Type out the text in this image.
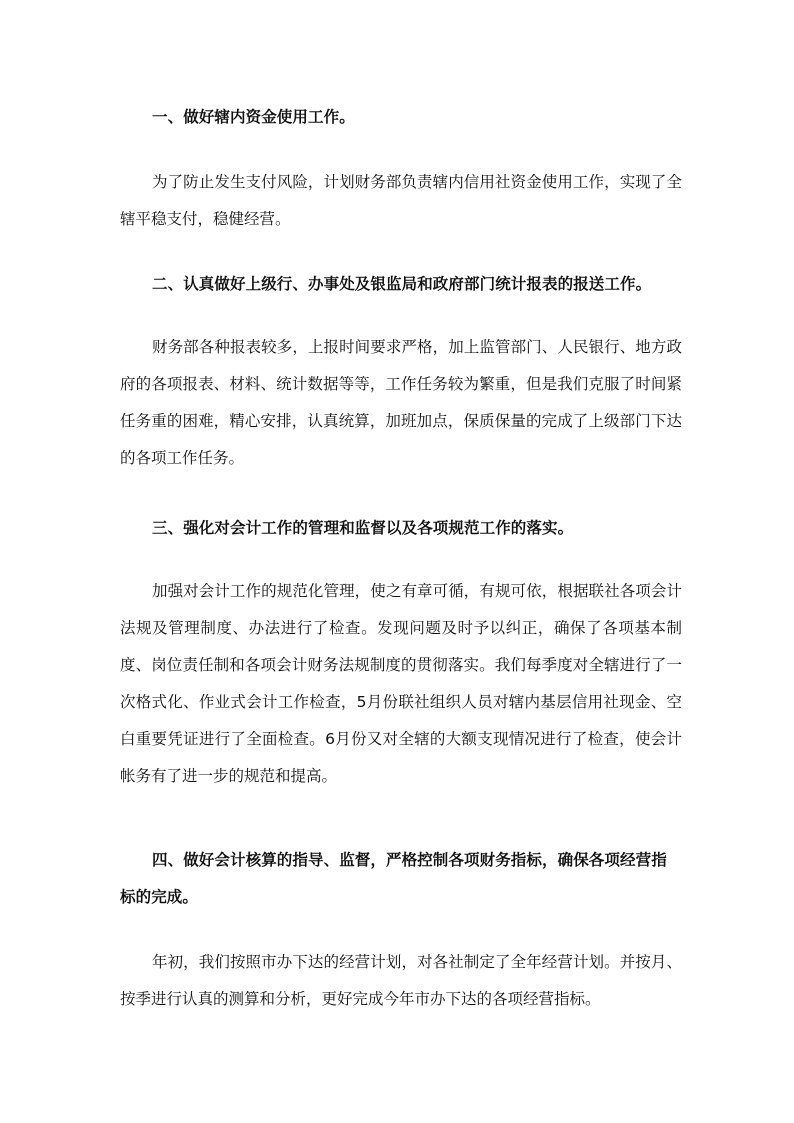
一、做好辖内资金使用工作。

为了防止发生支付风险，计划财务部负责辖内信用社资金使用工作，实现了全辖平稳支付，稳健经营。

二、认真做好上级行、办事处及银监局和政府部门统计报表的报送工作。

财务部各种报表较多，上报时间要求严格，加上监管部门、人民银行、地方政府的各项报表、材料、统计数据等等，工作任务较为繁重，但是我们克服了时间紧任务重的困难，精心安排，认真统算，加班加点，保质保量的完成了上级部门下达的各项工作任务。

三、强化对会计工作的管理和监督以及各项规范工作的落实。

加强对会计工作的规范化管理，使之有章可循，有规可依，根据联社各项会计法规及管理制度、办法进行了检查。发现问题及时予以纠正，确保了各项基本制度、岗位责任制和各项会计财务法规制度的贯彻落实。我们每季度对全辖进行了一次格式化、作业式会计工作检查，5月份联社组织人员对辖内基层信用社现金、空白重要凭证进行了全面检查。6月份又对全辖的大额支现情况进行了检查，使会计帐务有了进一步的规范和提高。

四、做好会计核算的指导、监督，严格控制各项财务指标，确保各项经营指标的完成。

年初，我们按照市办下达的经营计划，对各社制定了全年经营计划。并按月、按季进行认真的测算和分析，更好完成今年市办下达的各项经营指标。
